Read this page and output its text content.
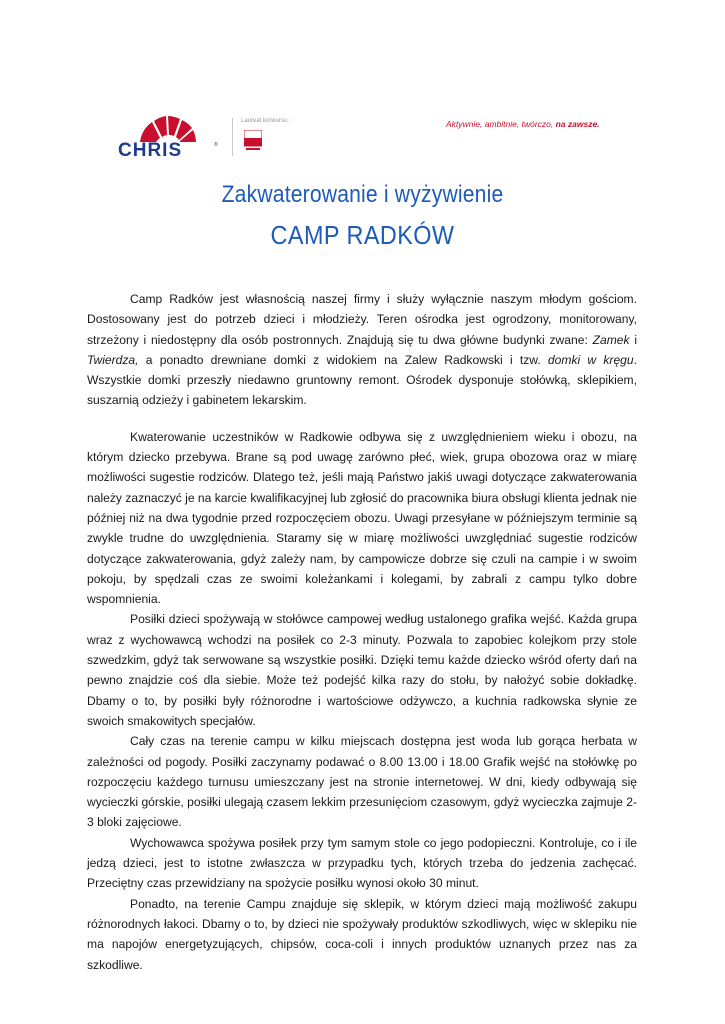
CHRIS	®
Laureat konkursu:	Aktywnie, ambitnie, twórczo, na zawsze.
Zakwaterowanie i wyżywienie
CAMP RADKÓW

Camp Radków jest własnością naszej firmy i służy wyłącznie naszym młodym gościom. Dostosowany jest do potrzeb dzieci i młodzieży. Teren ośrodka jest ogrodzony, monitorowany, strzeżony i niedostępny dla osób postronnych. Znajdują się tu dwa główne budynki zwane: Zamek i Twierdza, a ponadto drewniane domki z widokiem na Zalew Radkowski i tzw. domki w kręgu. Wszystkie domki przeszły niedawno gruntowny remont. Ośrodek dysponuje stołówką, sklepikiem, suszarnią odzieży i gabinetem lekarskim.

Kwaterowanie uczestników w Radkowie odbywa się z uwzględnieniem wieku i obozu, na którym dziecko przebywa. Brane są pod uwagę zarówno płeć, wiek, grupa obozowa oraz w miarę możliwości sugestie rodziców. Dlatego też, jeśli mają Państwo jakiś uwagi dotyczące zakwaterowania należy zaznaczyć je na karcie kwalifikacyjnej lub zgłosić do pracownika biura obsługi klienta jednak nie później niż na dwa tygodnie przed rozpoczęciem obozu. Uwagi przesyłane w późniejszym terminie są zwykle trudne do uwzględnienia. Staramy się w miarę możliwości uwzględniać sugestie rodziców dotyczące zakwaterowania, gdyż zależy nam, by campowicze dobrze się czuli na campie i w swoim pokoju, by spędzali czas ze swoimi koleżankami i kolegami, by zabrali z campu tylko dobre wspomnienia.

Posiłki dzieci spożywają w stołówce campowej według ustalonego grafika wejść. Każda grupa wraz z wychowawcą wchodzi na posiłek co 2-3 minuty. Pozwala to zapobiec kolejkom przy stole szwedzkim, gdyż tak serwowane są wszystkie posiłki. Dzięki temu każde dziecko wśród oferty dań na pewno znajdzie coś dla siebie. Może też podejść kilka razy do stołu, by nałożyć sobie dokładkę. Dbamy o to, by posiłki były różnorodne i wartościowe odżywczo, a kuchnia radkowska słynie ze swoich smakowitych specjałów.

Cały czas na terenie campu w kilku miejscach dostępna jest woda lub gorąca herbata w zależności od pogody. Posiłki zaczynamy podawać o 8.00 13.00 i 18.00 Grafik wejść na stołówkę po rozpoczęciu każdego turnusu umieszczany jest na stronie internetowej. W dni, kiedy odbywają się wycieczki górskie, posiłki ulegają czasem lekkim przesunięciom czasowym, gdyż wycieczka zajmuje 2-3 bloki zajęciowe.

Wychowawca spożywa posiłek przy tym samym stole co jego podopieczni. Kontroluje, co i ile jedzą dzieci, jest to istotne zwłaszcza w przypadku tych, których trzeba do jedzenia zachęcać. Przeciętny czas przewidziany na spożycie posiłku wynosi około 30 minut.

Ponadto, na terenie Campu znajduje się sklepik, w którym dzieci mają możliwość zakupu różnorodnych łakoci. Dbamy o to, by dzieci nie spożywały produktów szkodliwych, więc w sklepiku nie ma napojów energetyzujących, chipsów, coca-coli i innych produktów uznanych przez nas za szkodliwe.
